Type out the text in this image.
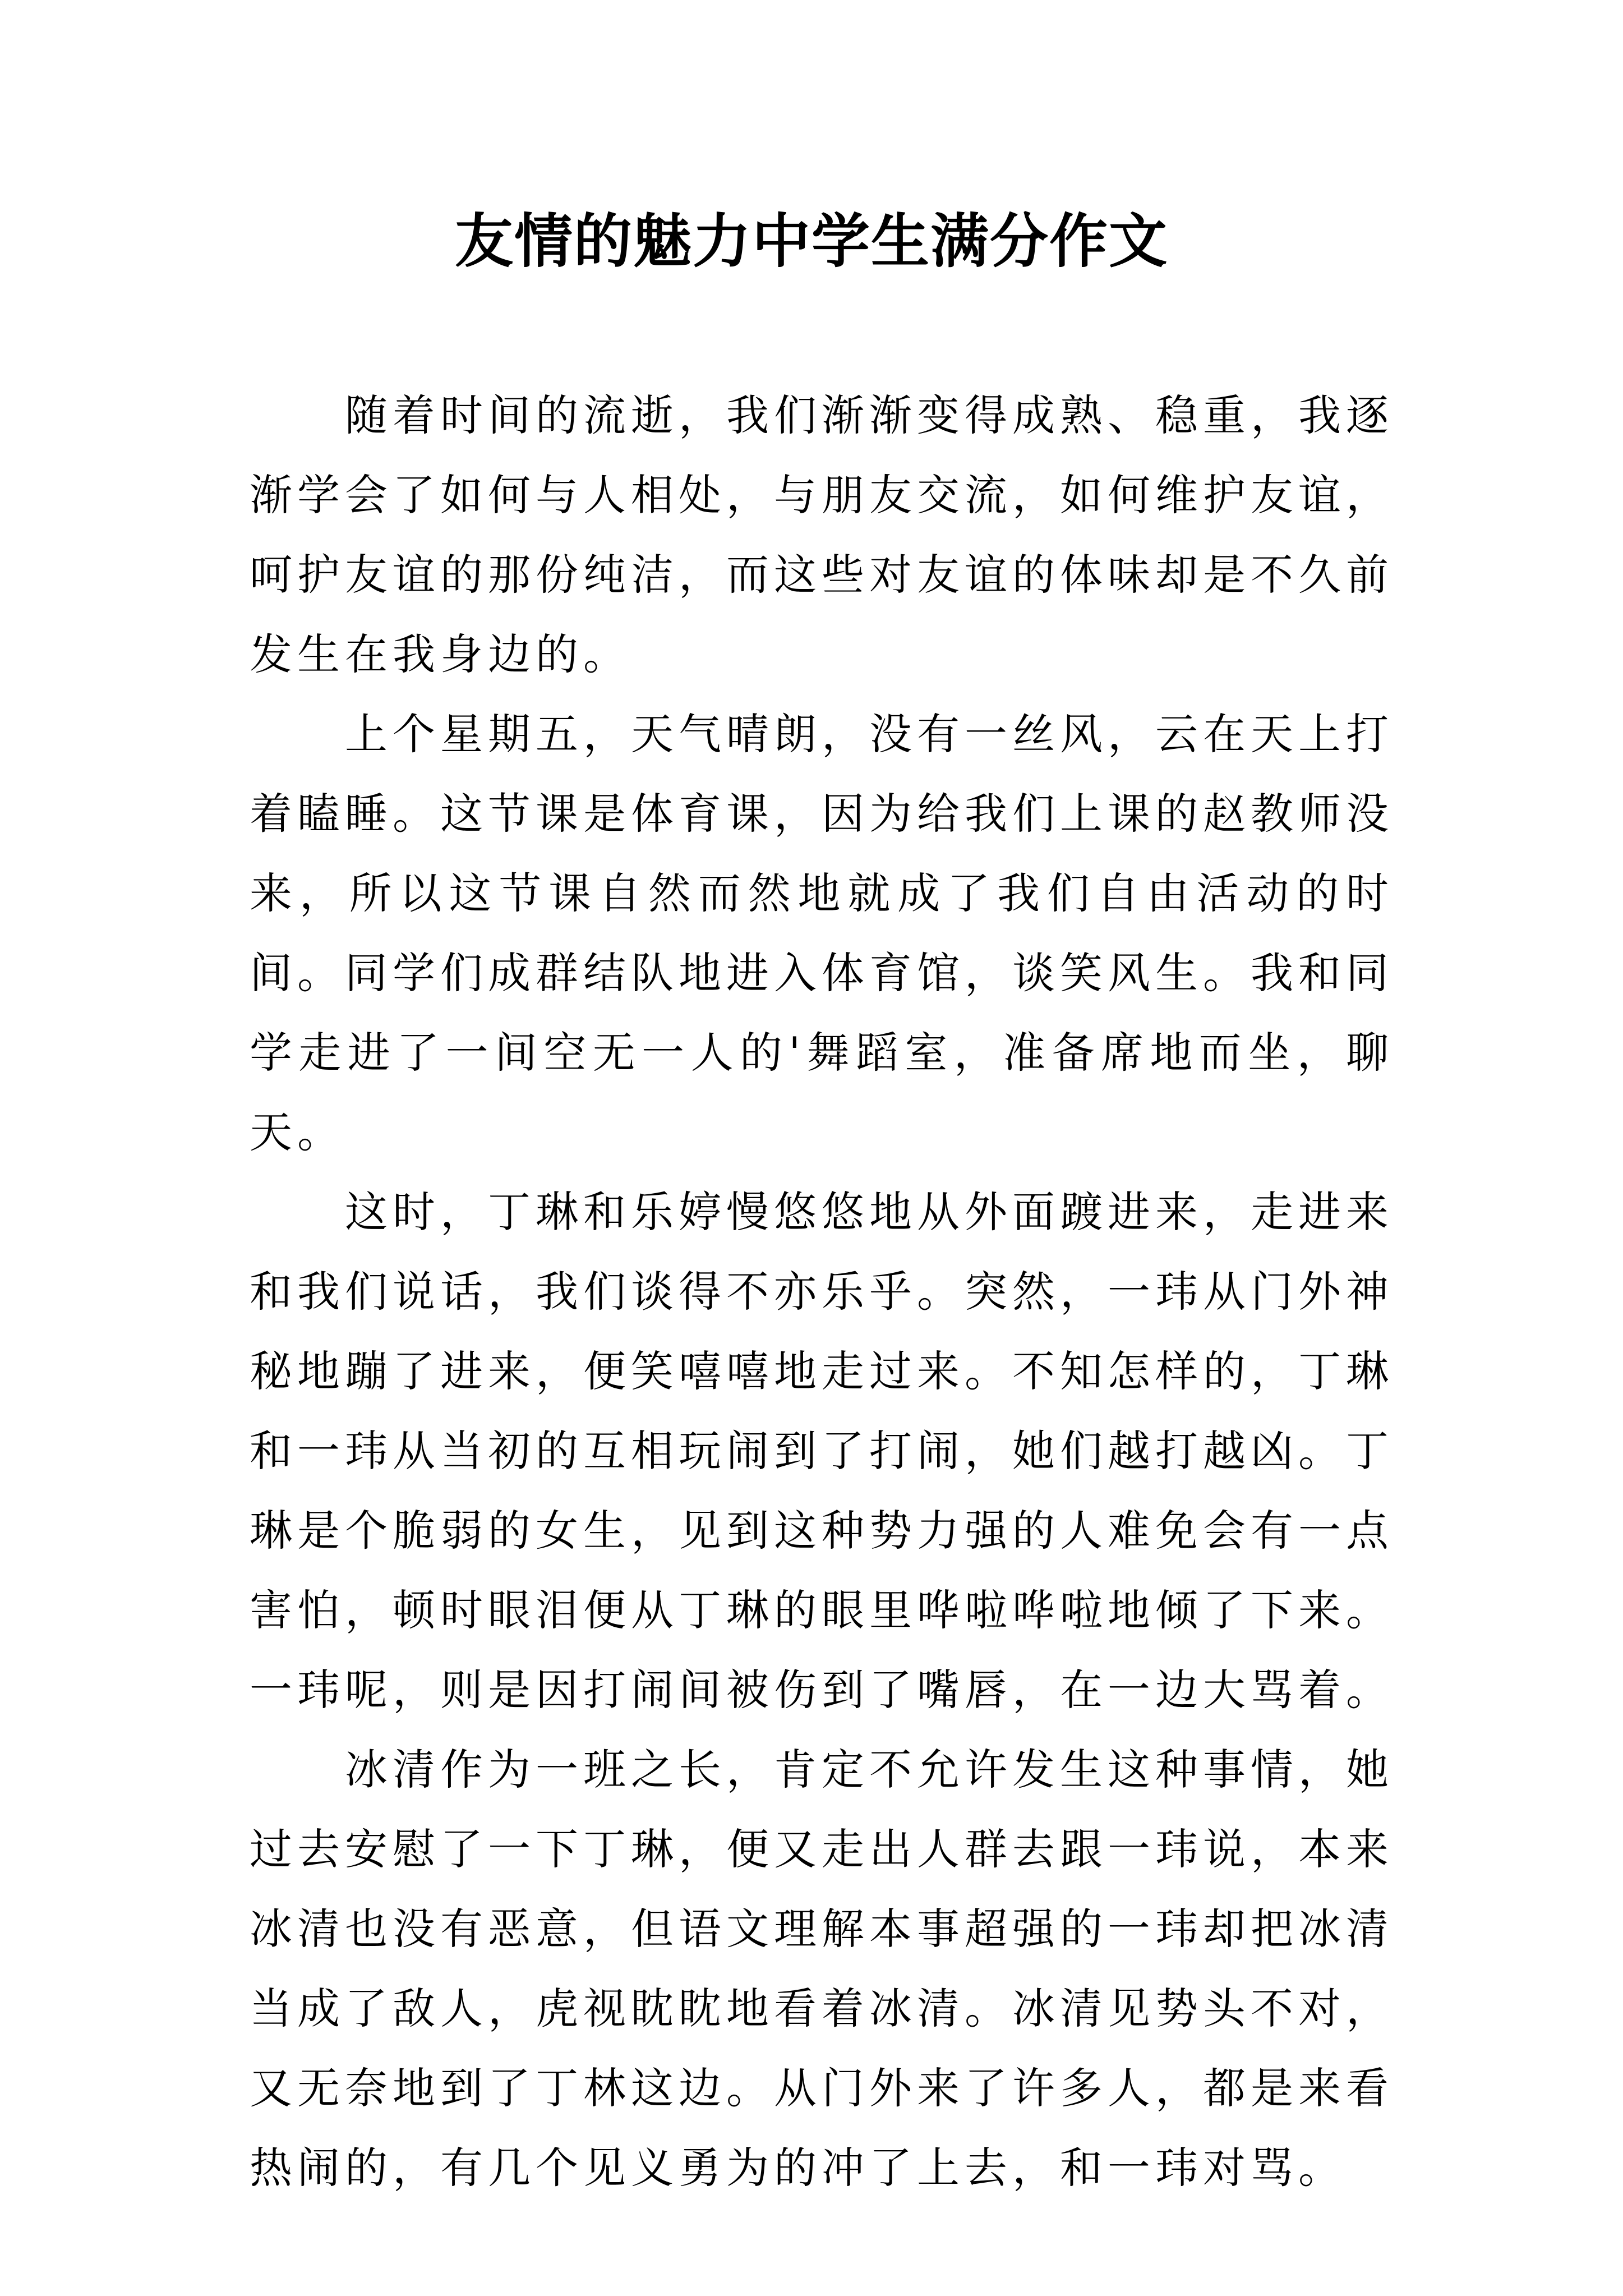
友情的魅力中学生满分作文

随着时间的流逝，我们渐渐变得成熟、稳重，我逐渐学会了如何与人相处，与朋友交流，如何维护友谊，呵护友谊的那份纯洁，而这些对友谊的体味却是不久前发生在我身边的。

上个星期五，天气晴朗，没有一丝风，云在天上打着瞌睡。这节课是体育课，因为给我们上课的赵教师没来，所以这节课自然而然地就成了我们自由活动的时间。同学们成群结队地进入体育馆，谈笑风生。我和同学走进了一间空无一人的'舞蹈室，准备席地而坐，聊天。

这时，丁琳和乐婷慢悠悠地从外面踱进来，走进来和我们说话，我们谈得不亦乐乎。突然，一玮从门外神秘地蹦了进来，便笑嘻嘻地走过来。不知怎样的，丁琳和一玮从当初的互相玩闹到了打闹，她们越打越凶。丁琳是个脆弱的女生，见到这种势力强的人难免会有一点害怕，顿时眼泪便从丁琳的眼里哗啦哗啦地倾了下来。一玮呢，则是因打闹间被伤到了嘴唇，在一边大骂着。

冰清作为一班之长，肯定不允许发生这种事情，她过去安慰了一下丁琳，便又走出人群去跟一玮说，本来冰清也没有恶意，但语文理解本事超强的一玮却把冰清当成了敌人，虎视眈眈地看着冰清。冰清见势头不对，又无奈地到了丁林这边。从门外来了许多人，都是来看热闹的，有几个见义勇为的冲了上去，和一玮对骂。
